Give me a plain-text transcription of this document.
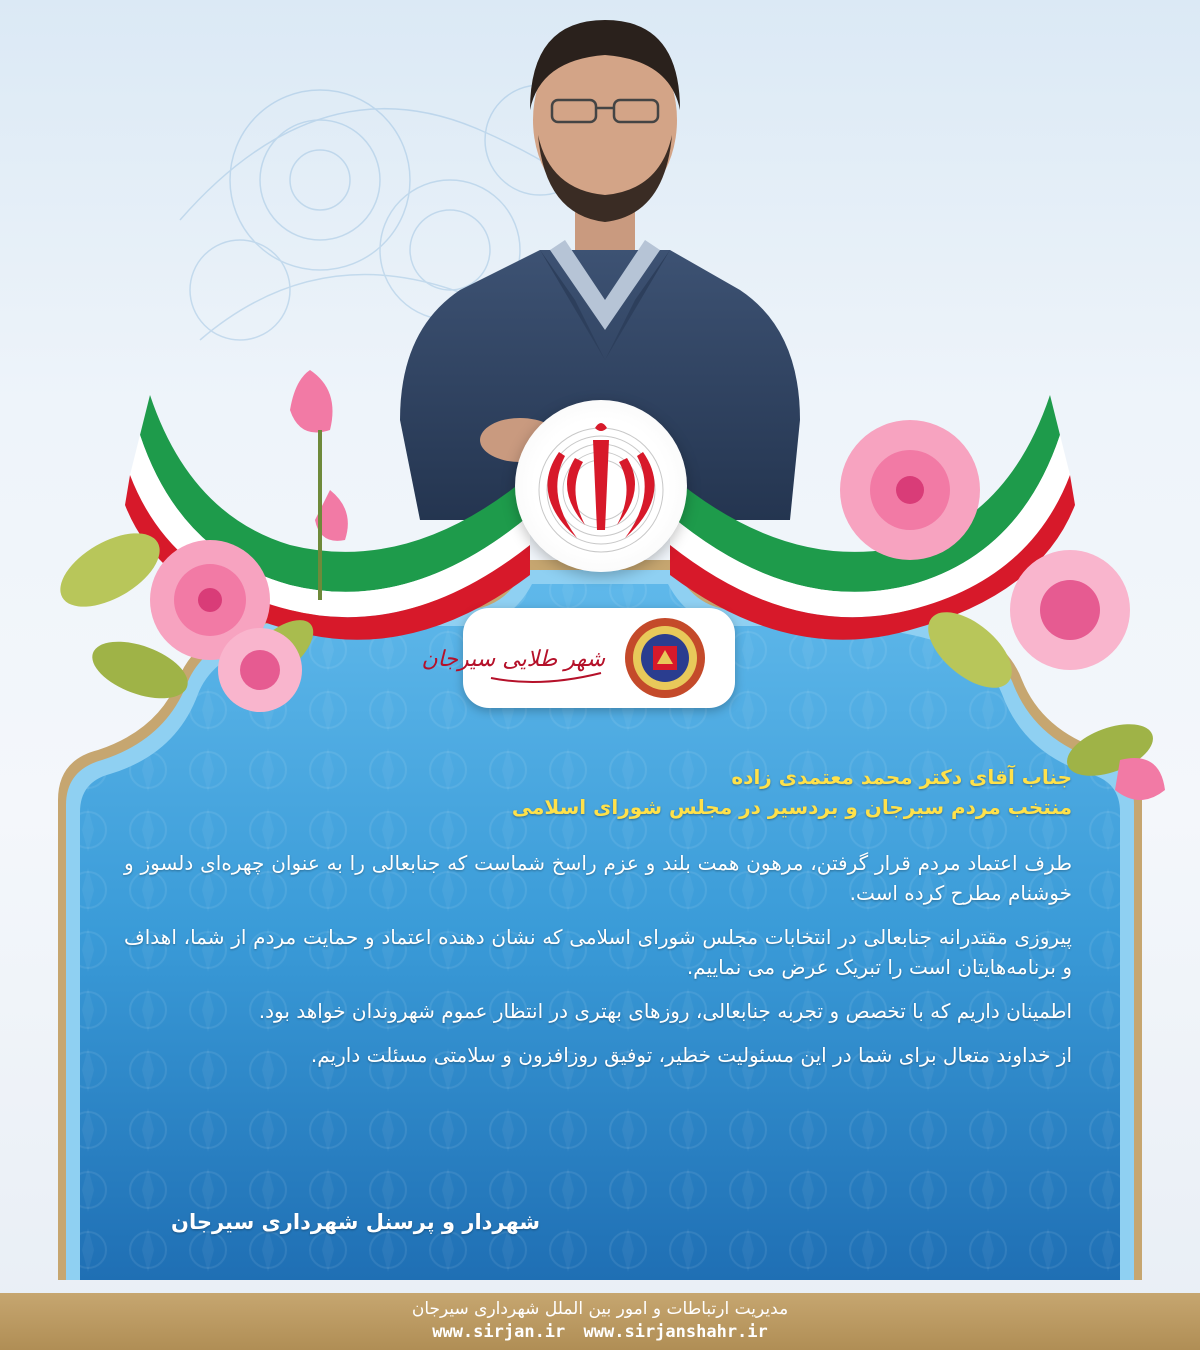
شهر طلایی سیرجان
جناب آقای دکتر محمد معتمدی زاده
منتخب مردم سیرجان و بردسیر در مجلس شورای اسلامی

طرف اعتماد مردم قرار گرفتن، مرهون همت بلند و عزم راسخ شماست که جنابعالی را به عنوان چهره‌ای دلسوز و خوشنام مطرح کرده است.

پیروزی مقتدرانه جنابعالی در انتخابات مجلس شورای اسلامی که نشان دهنده اعتماد و حمایت مردم از شما، اهداف و برنامه‌هایتان است را تبریک عرض می نماییم.

اطمینان داریم که با تخصص و تجربه جنابعالی، روزهای بهتری در انتظار عموم شهروندان خواهد بود.

از خداوند متعال برای شما در این مسئولیت خطیر، توفیق روزافزون و سلامتی مسئلت داریم.

شهردار و پرسنل شهرداری سیرجان
مدیریت ارتباطات و امور بین الملل شهرداری سیرجان
www.sirjan.ir www.sirjanshahr.ir
